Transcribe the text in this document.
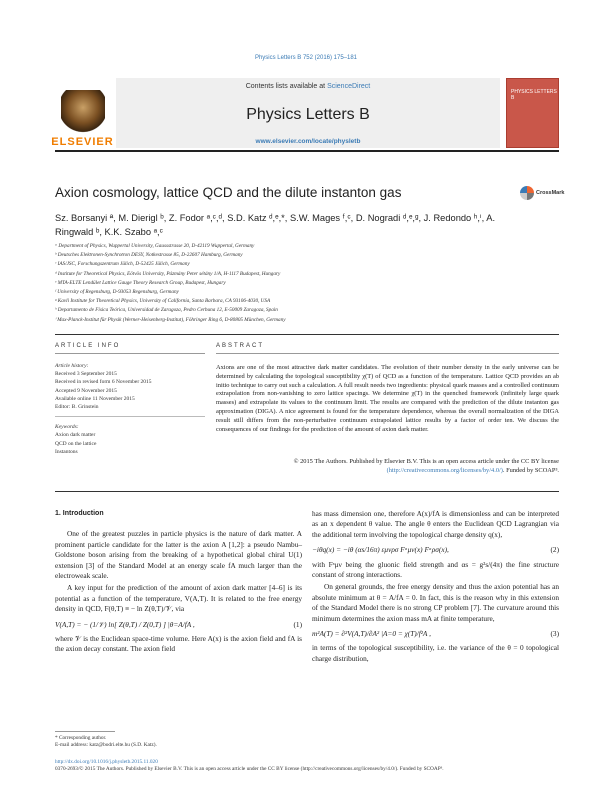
Physics Letters B 752 (2016) 175–181
ELSEVIER
Contents lists available at ScienceDirect
Physics Letters B
www.elsevier.com/locate/physletb
PHYSICS LETTERS B
Axion cosmology, lattice QCD and the dilute instanton gas	CrossMark
Sz. Borsanyi ª, M. Dierigl ᵇ, Z. Fodor ᵃ,ᶜ,ᵈ, S.D. Katz ᵈ,ᵉ,*, S.W. Mages ᶠ,ᶜ, D. Nogradi ᵈ,ᵉ,ᵍ, J. Redondo ʰ,ⁱ, A. Ringwald ᵇ, K.K. Szabo ᵃ,ᶜ
ᵃ Department of Physics, Wuppertal University, Gaussstrasse 20, D-42119 Wuppertal, Germany
ᵇ Deutsches Elektronen-Synchrotron DESY, Notkestrasse 85, D-22607 Hamburg, Germany
ᶜ IAS/JSC, Forschungszentrum Jülich, D-52425 Jülich, Germany
ᵈ Institute for Theoretical Physics, Eötvös University, Pázmány Peter sétány 1/A, H-1117 Budapest, Hungary
ᵉ MTA-ELTE Lendület Lattice Gauge Theory Research Group, Budapest, Hungary
ᶠ University of Regensburg, D-93053 Regensburg, Germany
ᵍ Kavli Institute for Theoretical Physics, University of California, Santa Barbara, CA 93106-4030, USA
ʰ Departamento de Física Teórica, Universidad de Zaragoza, Pedro Cerbuna 12, E-50009 Zaragoza, Spain
ⁱ Max-Planck-Institut für Physik (Werner-Heisenberg-Institut), Föhringer Ring 6, D-80805 München, Germany
ARTICLE INFO	ABSTRACT
Article history:
Received 3 September 2015
Received in revised form 6 November 2015
Accepted 9 November 2015
Available online 11 November 2015
Editor: B. Grinstein
Keywords:
Axion dark matter
QCD on the lattice
Instantons
Axions are one of the most attractive dark matter candidates. The evolution of their number density in the early universe can be determined by calculating the topological susceptibility χ(T) of QCD as a function of the temperature. Lattice QCD provides an ab initio technique to carry out such a calculation. A full result needs two ingredients: physical quark masses and a controlled continuum extrapolation from non-vanishing to zero lattice spacings. We determine χ(T) in the quenched framework (infinitely large quark masses) and extrapolate its values to the continuum limit. The results are compared with the prediction of the dilute instanton gas approximation (DIGA). A nice agreement is found for the temperature dependence, whereas the overall normalization of the DIGA result still differs from the non-perturbative continuum extrapolated lattice results by a factor of order ten. We discuss the consequences of our findings for the prediction of the amount of axion dark matter.
© 2015 The Authors. Published by Elsevier B.V. This is an open access article under the CC BY license (http://creativecommons.org/licenses/by/4.0/). Funded by SCOAP³.
1. Introduction

One of the greatest puzzles in particle physics is the nature of dark matter. A prominent particle candidate for the latter is the axion A [1,2]: a pseudo Nambu–Goldstone boson arising from the breaking of a hypothetical global chiral U(1) extension [3] of the Standard Model at an energy scale fA much larger than the electroweak scale.

A key input for the prediction of the amount of axion dark matter [4–6] is its potential as a function of the temperature, V(A,T). It is related to the free energy density in QCD, F(θ,T) ≡ − ln Z(θ,T)/𝒱, via

V(A,T) = − (1/𝒱) ln[ Z(θ,T) / Z(0,T) ] |θ=A/fA ,	(1)

where 𝒱 is the Euclidean space-time volume. Here A(x) is the axion field and fA is the axion decay constant. The axion field

has mass dimension one, therefore A(x)/fA is dimensionless and can be interpreted as an x dependent θ value. The angle θ enters the Euclidean QCD Lagrangian via the additional term involving the topological charge density q(x),

−iθq(x) = −iθ (αs/16π) εμνρσ Fᵃμν(x) Fᵃρσ(x),	(2)

with Fᵃμν being the gluonic field strength and αs = g²s/(4π) the fine structure constant of strong interactions.

On general grounds, the free energy density and thus the axion potential has an absolute minimum at θ = A/fA = 0. In fact, this is the reason why in this extension of the Standard Model there is no strong CP problem [7]. The curvature around this minimum determines the axion mass mA at finite temperature,

m²A(T) = ∂²V(A,T)/∂A² |A=0 = χ(T)/f²A ,	(3)

in terms of the topological susceptibility, i.e. the variance of the θ = 0 topological charge distribution,

* Corresponding author.
E-mail address: katz@bodri.elte.hu (S.D. Katz).
http://dx.doi.org/10.1016/j.physletb.2015.11.020
0370-2693/© 2015 The Authors. Published by Elsevier B.V. This is an open access article under the CC BY license (http://creativecommons.org/licenses/by/4.0/). Funded by SCOAP³.
